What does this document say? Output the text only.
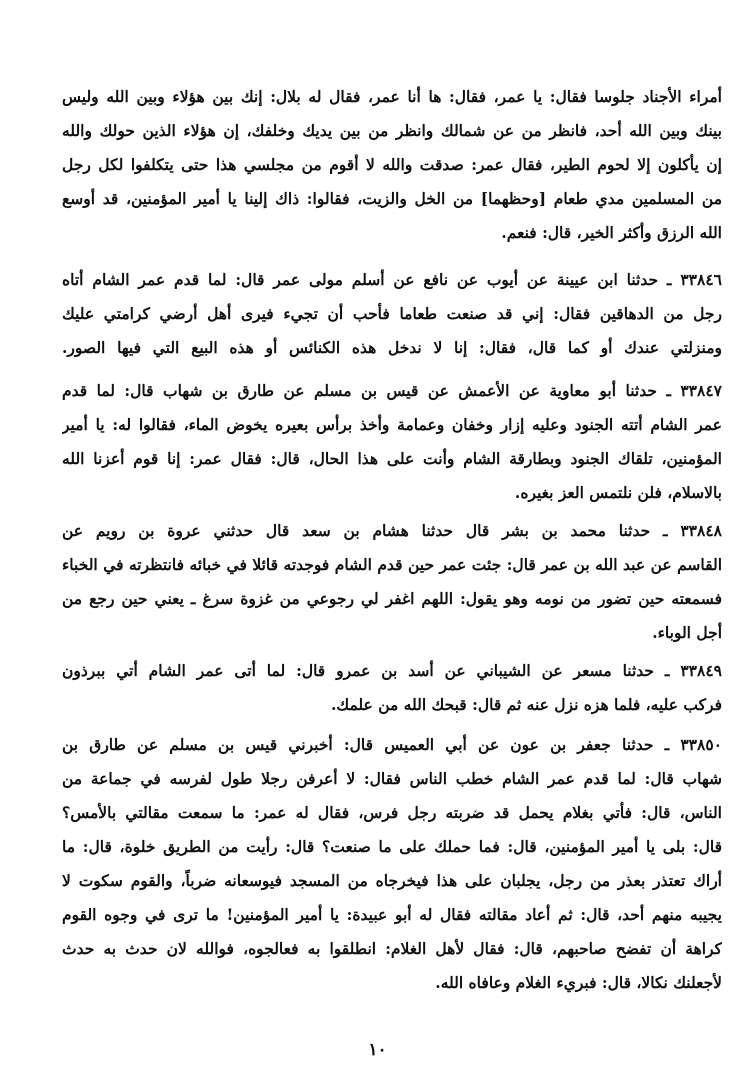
أمراء الأجناد جلوسا فقال: يا عمر، فقال: ها أنا عمر، فقال له بلال: إنك بين هؤلاء وبين الله وليس
بينك وبين الله أحد، فانظر من عن شمالك وانظر من بين يديك وخلفك، إن هؤلاء الذين حولك والله
إن يأكلون إلا لحوم الطير، فقال عمر: صدقت والله لا أقوم من مجلسي هذا حتى يتكلفوا لكل رجل
من المسلمين مدي طعام [وحظهما] من الخل والزيت، فقالوا: ذاك إلينا يا أمير المؤمنين، قد أوسع
الله الرزق وأكثر الخير، قال: فنعم.
٣٣٨٤٦ ـ حدثنا ابن عيينة عن أيوب عن نافع عن أسلم مولى عمر قال: لما قدم عمر الشام أتاه
رجل من الدهاقين فقال: إني قد صنعت طعاما فأحب أن تجيء فيرى أهل أرضي كرامتي عليك
ومنزلتي عندك أو كما قال، فقال: إنا لا ندخل هذه الكنائس أو هذه البيع التي فيها الصور.
٣٣٨٤٧ ـ حدثنا أبو معاوية عن الأعمش عن قيس بن مسلم عن طارق بن شهاب قال: لما قدم
عمر الشام أتته الجنود وعليه إزار وخفان وعمامة وأخذ برأس بعيره يخوض الماء، فقالوا له: يا أمير
المؤمنين، تلقاك الجنود وبطارقة الشام وأنت على هذا الحال، قال: فقال عمر: إنا قوم أعزنا الله
بالاسلام، فلن نلتمس العز بغيره.
٣٣٨٤٨ ـ حدثنا محمد بن بشر قال حدثنا هشام بن سعد قال حدثني عروة بن رويم عن
القاسم عن عبد الله بن عمر قال: جئت عمر حين قدم الشام فوجدته قائلا في خبائه فانتظرته في الخباء
فسمعته حين تضور من نومه وهو يقول: اللهم اغفر لي رجوعي من غزوة سرغ ـ يعني حين رجع من
أجل الوباء.
٣٣٨٤٩ ـ حدثنا مسعر عن الشيباني عن أسد بن عمرو قال: لما أتى عمر الشام أتي ببرذون
فركب عليه، فلما هزه نزل عنه ثم قال: قبحك الله من علمك.
٣٣٨٥٠ ـ حدثنا جعفر بن عون عن أبي العميس قال: أخبرني قيس بن مسلم عن طارق بن
شهاب قال: لما قدم عمر الشام خطب الناس فقال: لا أعرفن رجلا طول لفرسه في جماعة من
الناس، قال: فأتي بغلام يحمل قد ضربته رجل فرس، فقال له عمر: ما سمعت مقالتي بالأمس؟
قال: بلى يا أمير المؤمنين، قال: فما حملك على ما صنعت؟ قال: رأيت من الطريق خلوة، قال: ما
أراك تعتذر بعذر من رجل، يجلبان على هذا فيخرجاه من المسجد فيوسعانه ضرباً، والقوم سكوت لا
يجيبه منهم أحد، قال: ثم أعاد مقالته فقال له أبو عبيدة: يا أمير المؤمنين! ما ترى في وجوه القوم
كراهة أن تفضح صاحبهم، قال: فقال لأهل الغلام: انطلقوا به فعالجوه، فوالله لان حدث به حدث
لأجعلنك نكالا، قال: فبريء الغلام وعافاه الله.
١٠
